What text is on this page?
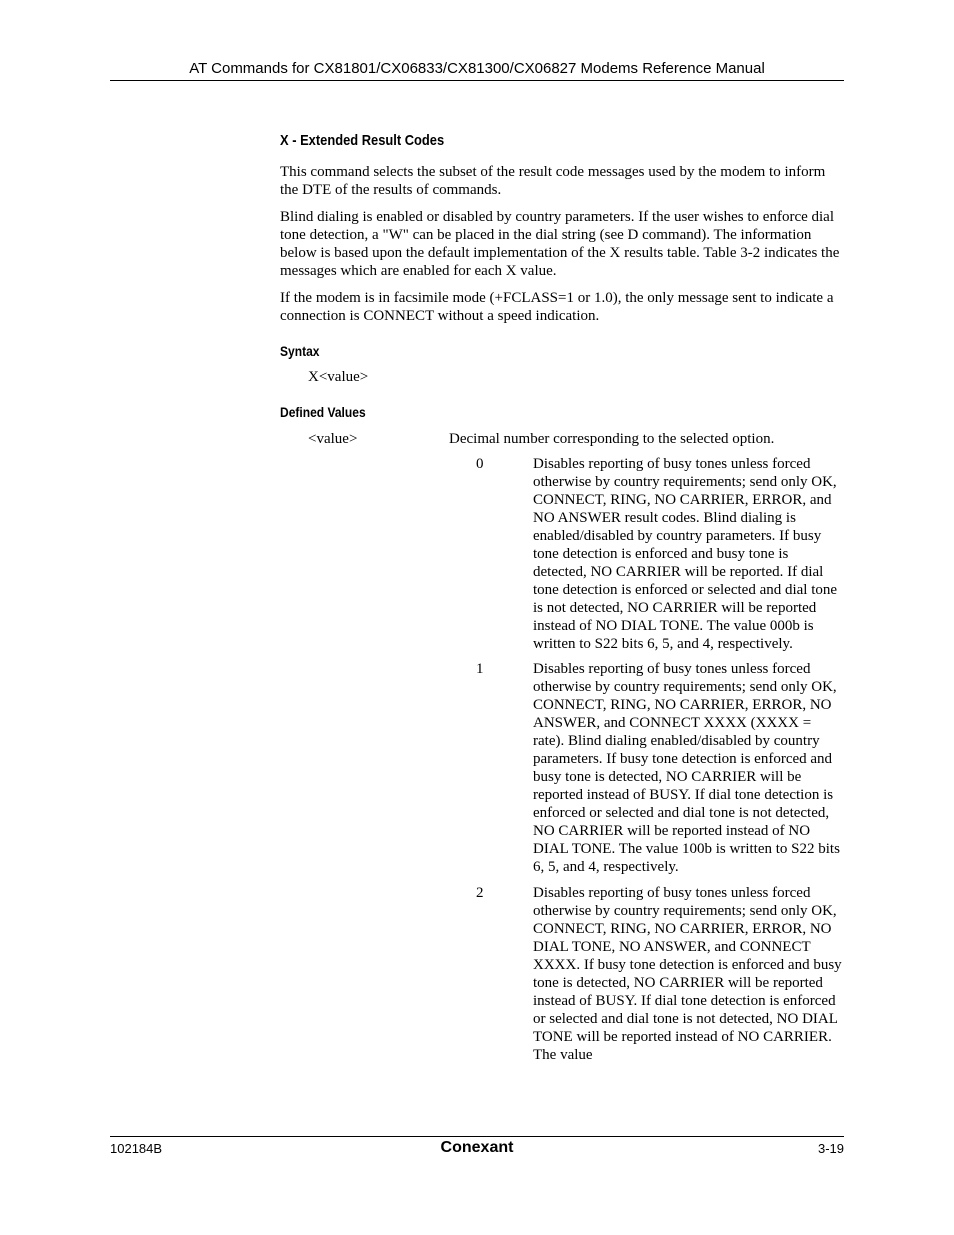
AT Commands for CX81801/CX06833/CX81300/CX06827 Modems Reference Manual
X - Extended Result Codes

This command selects the subset of the result code messages used by the modem to inform the DTE of the results of commands.

Blind dialing is enabled or disabled by country parameters. If the user wishes to enforce dial tone detection, a "W" can be placed in the dial string (see D command). The information below is based upon the default implementation of the X results table. Table 3-2 indicates the messages which are enabled for each X value.

If the modem is in facsimile mode (+FCLASS=1 or 1.0), the only message sent to indicate a connection is CONNECT without a speed indication.

Syntax
X<value>
Defined Values
<value>	Decimal number corresponding to the selected option.
0	Disables reporting of busy tones unless forced otherwise by country requirements; send only OK, CONNECT, RING, NO CARRIER, ERROR, and NO ANSWER result codes. Blind dialing is enabled/disabled by country parameters. If busy tone detection is enforced and busy tone is detected, NO CARRIER will be reported. If dial tone detection is enforced or selected and dial tone is not detected, NO CARRIER will be reported instead of NO DIAL TONE. The value 000b is written to S22 bits 6, 5, and 4, respectively.
1	Disables reporting of busy tones unless forced otherwise by country requirements; send only OK, CONNECT, RING, NO CARRIER, ERROR, NO ANSWER, and CONNECT XXXX (XXXX = rate). Blind dialing enabled/disabled by country parameters. If busy tone detection is enforced and busy tone is detected, NO CARRIER will be reported instead of BUSY. If dial tone detection is enforced or selected and dial tone is not detected, NO CARRIER will be reported instead of NO DIAL TONE. The value 100b is written to S22 bits 6, 5, and 4, respectively.
2	Disables reporting of busy tones unless forced otherwise by country requirements; send only OK, CONNECT, RING, NO CARRIER, ERROR, NO DIAL TONE, NO ANSWER, and CONNECT XXXX. If busy tone detection is enforced and busy tone is detected, NO CARRIER will be reported instead of BUSY. If dial tone detection is enforced or selected and dial tone is not detected, NO DIAL TONE will be reported instead of NO CARRIER. The value
102184B	Conexant	3-19
